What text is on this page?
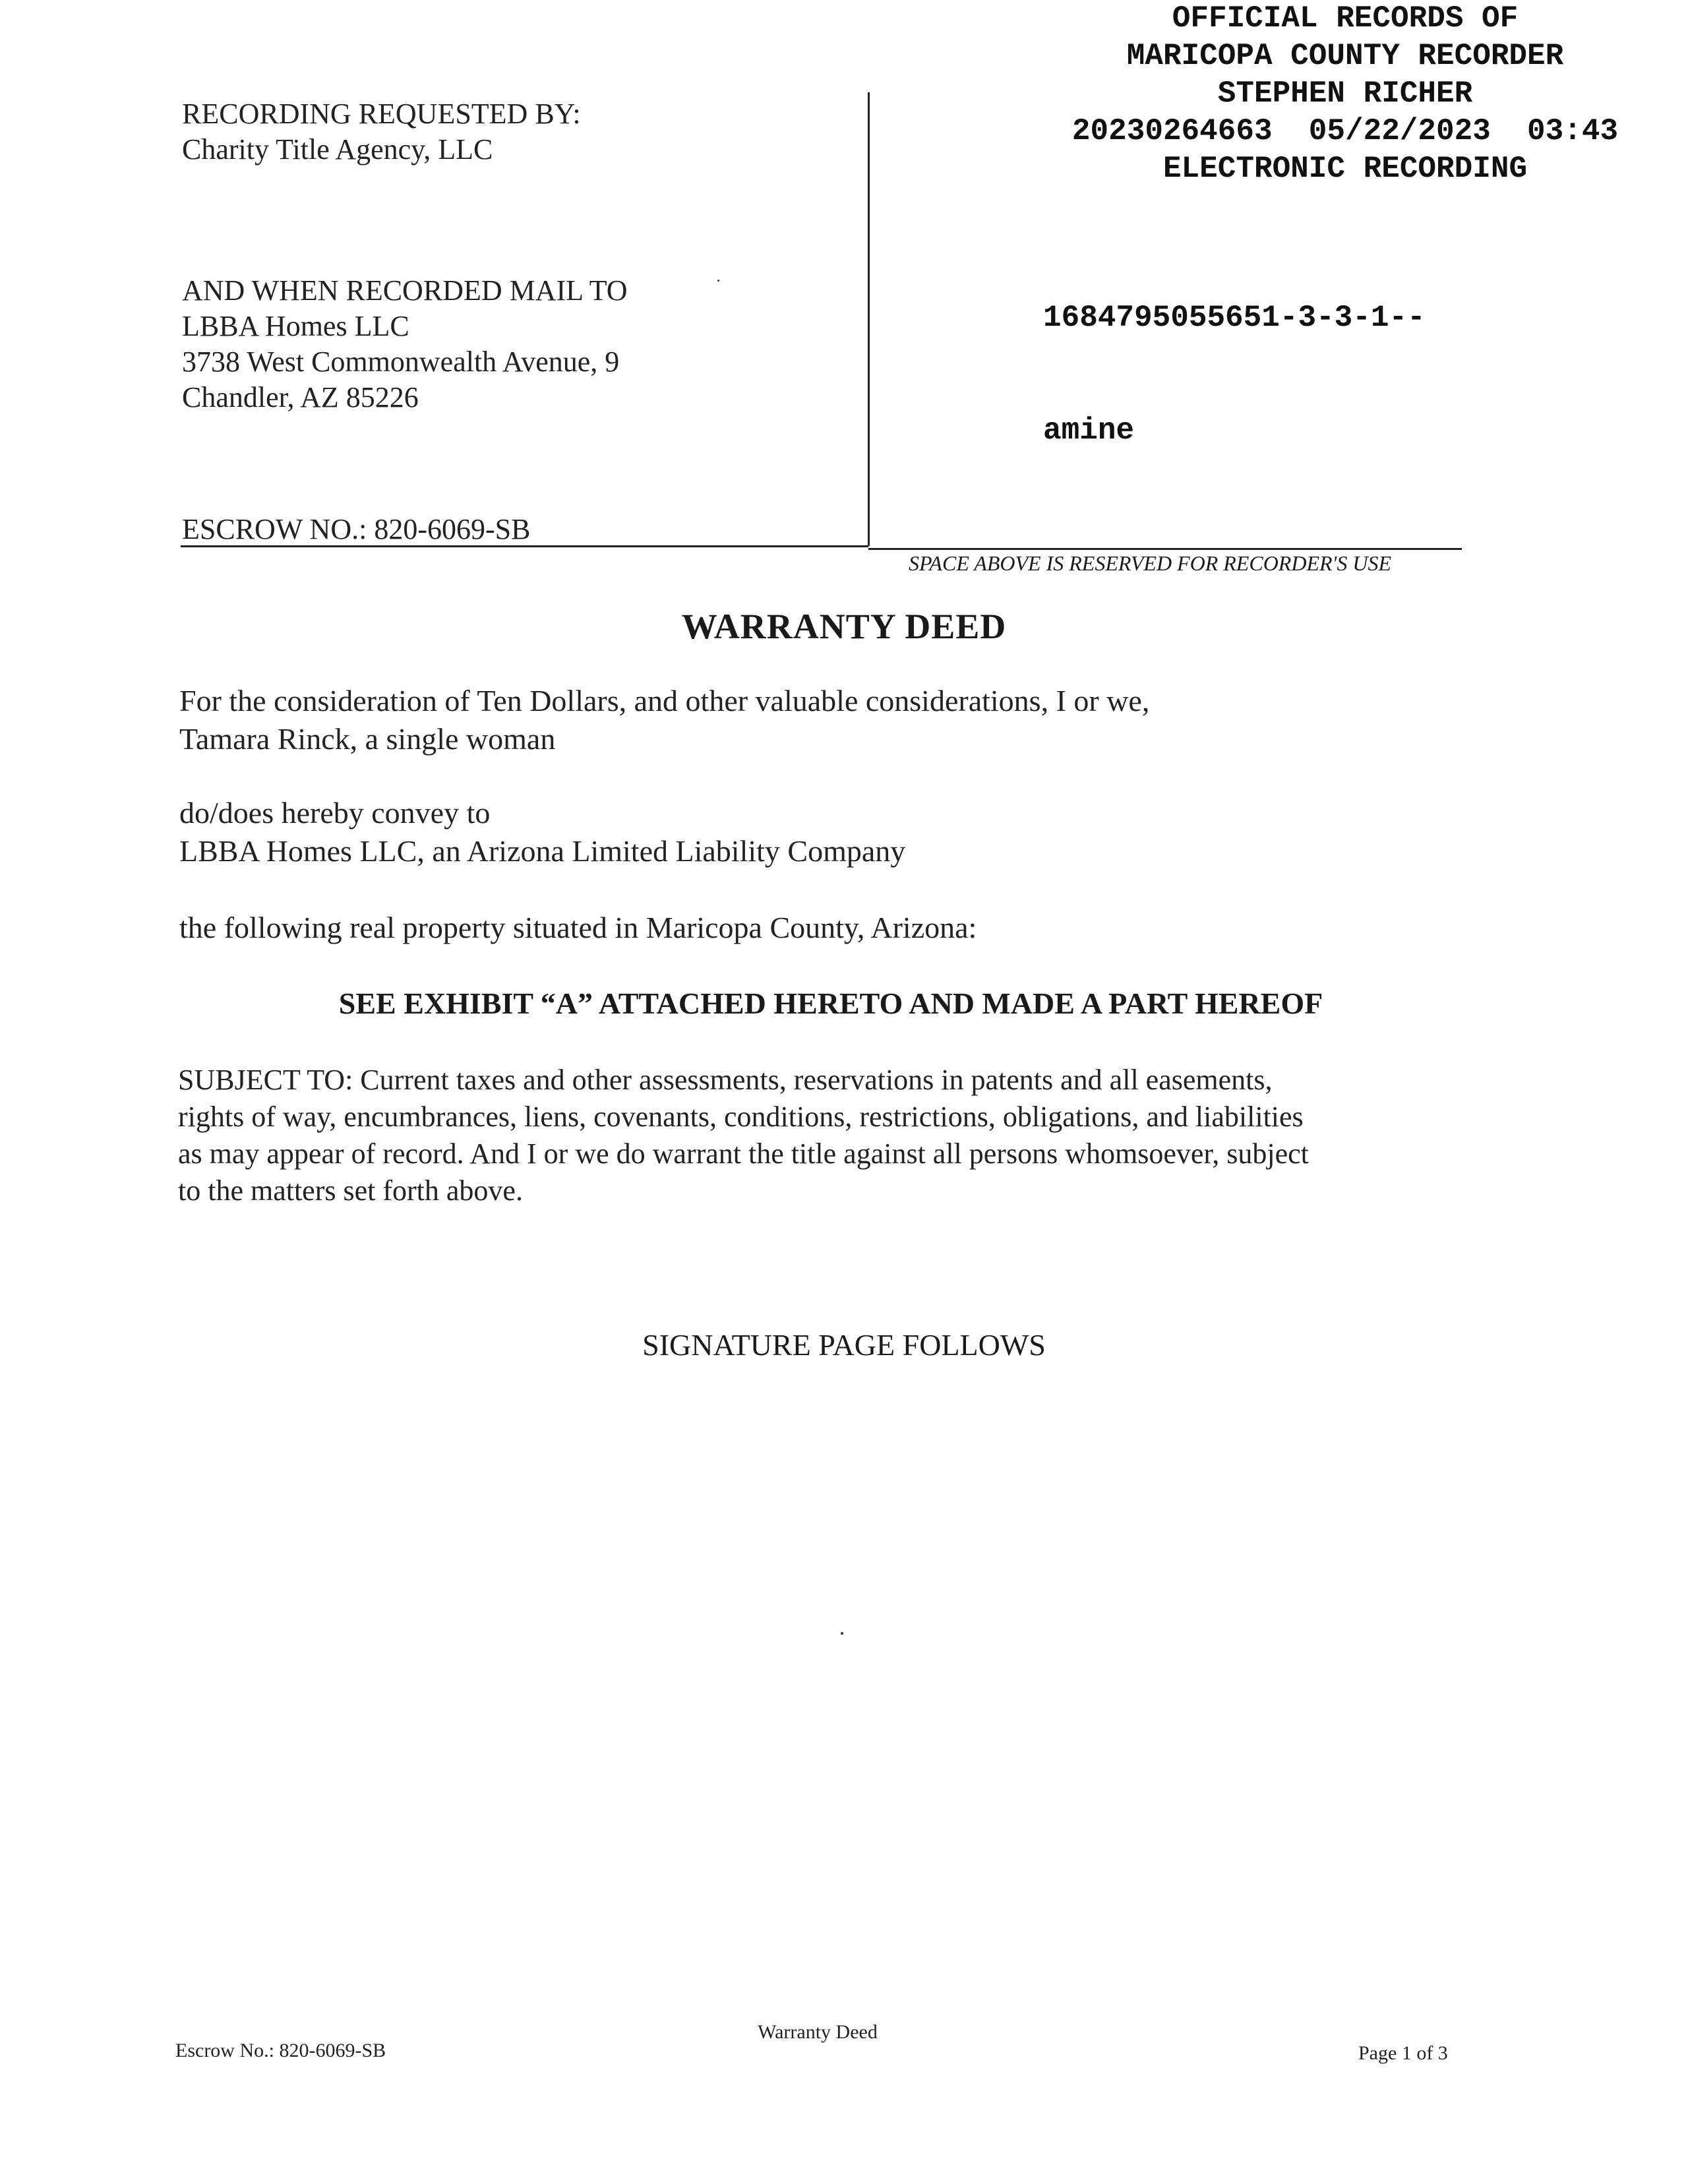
OFFICIAL RECORDS OF
MARICOPA COUNTY RECORDER
STEPHEN RICHER
20230264663  05/22/2023  03:43
ELECTRONIC RECORDING

1684795055651-3-3-1--

amine

RECORDING REQUESTED BY:
Charity Title Agency, LLC
AND WHEN RECORDED MAIL TO
LBBA Homes LLC
3738 West Commonwealth Avenue, 9
Chandler, AZ 85226
ESCROW NO.: 820-6069-SB
SPACE ABOVE IS RESERVED FOR RECORDER'S USE
WARRANTY DEED
For the consideration of Ten Dollars, and other valuable considerations, I or we,
Tamara Rinck, a single woman
do/does hereby convey to
LBBA Homes LLC, an Arizona Limited Liability Company
the following real property situated in Maricopa County, Arizona:
SEE EXHIBIT “A” ATTACHED HERETO AND MADE A PART HEREOF
SUBJECT TO: Current taxes and other assessments, reservations in patents and all easements,
rights of way, encumbrances, liens, covenants, conditions, restrictions, obligations, and liabilities
as may appear of record. And I or we do warrant the title against all persons whomsoever, subject
to the matters set forth above.
SIGNATURE PAGE FOLLOWS
Escrow No.: 820-6069-SB
Warranty Deed
Page 1 of 3
